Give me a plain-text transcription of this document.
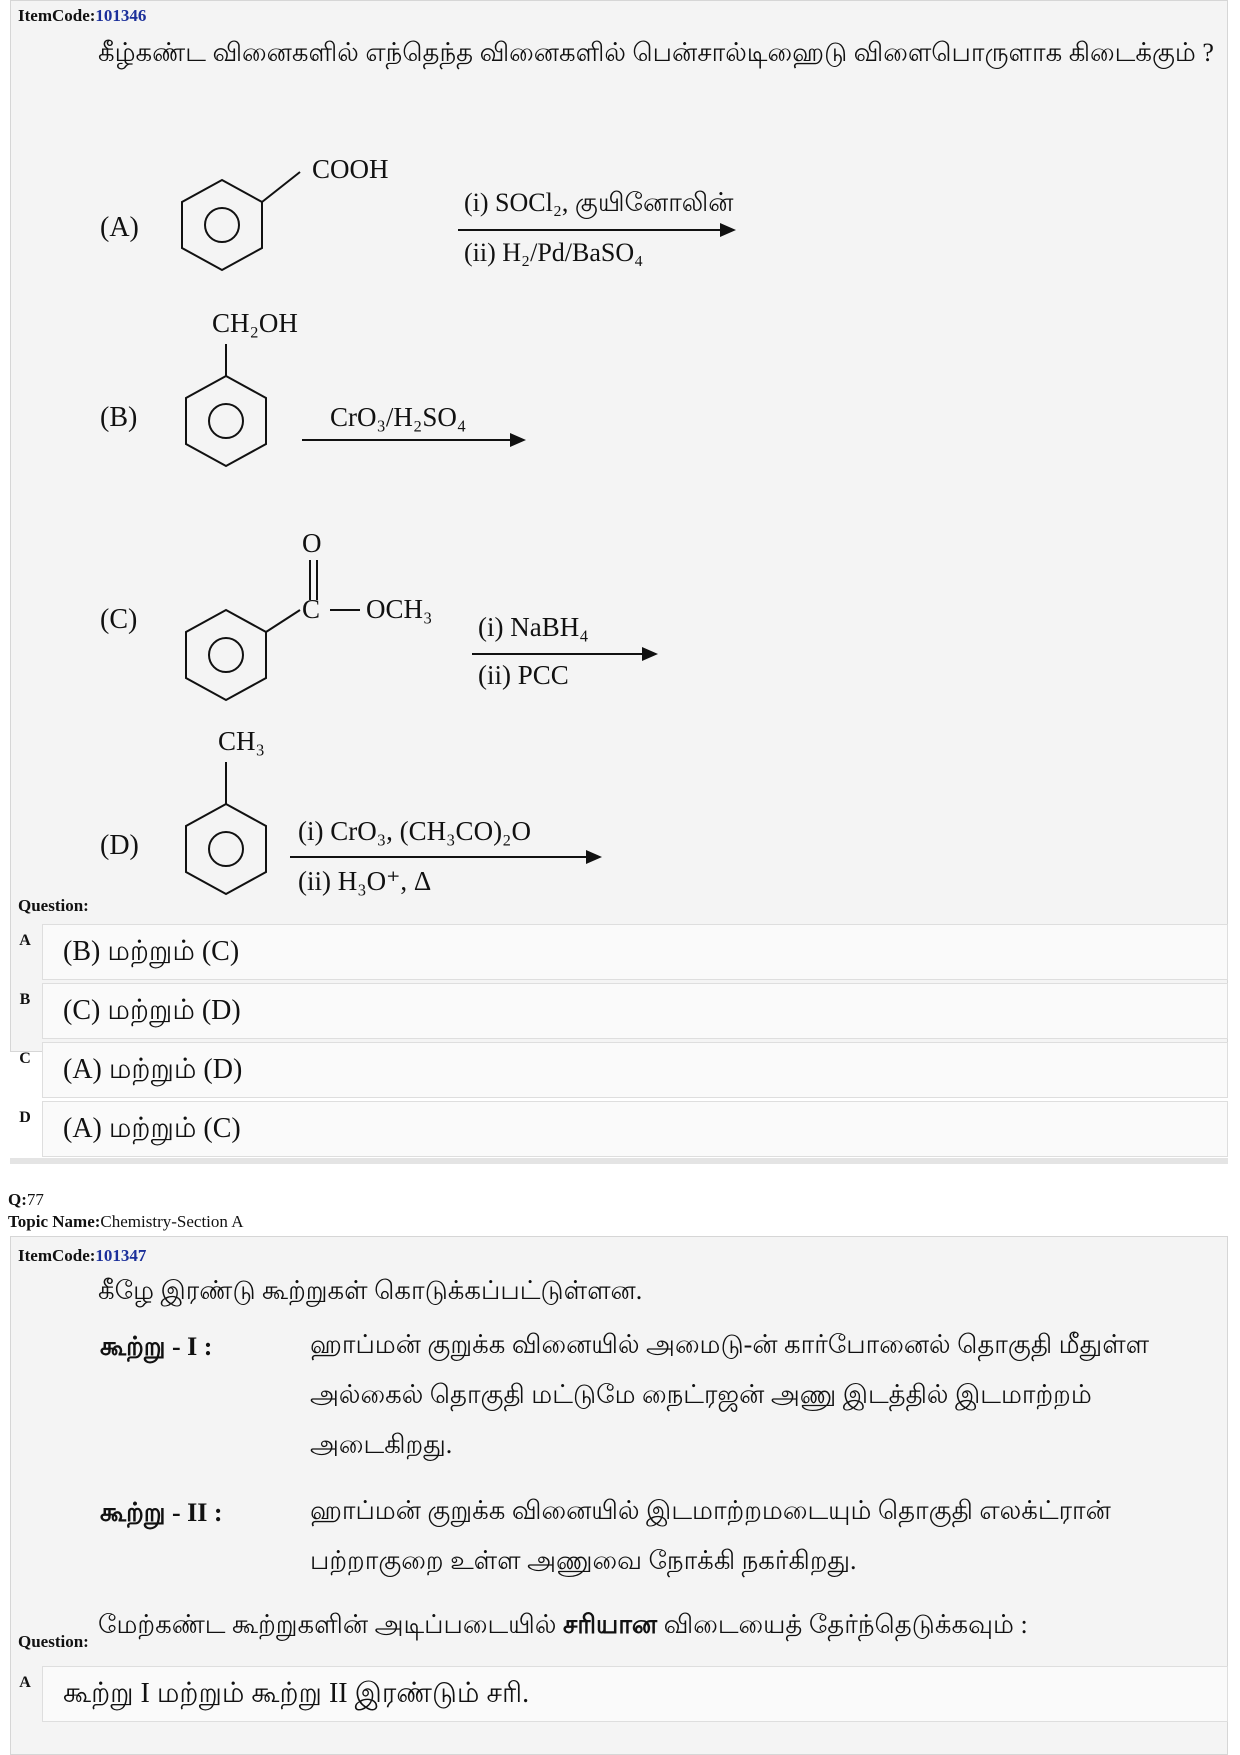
ItemCode:101346
கீழ்கண்ட வினைகளில் எந்தெந்த வினைகளில் பென்சால்டிஹைடு விளைபொருளாக கிடைக்கும் ?
(A)
COOH
(i) SOCl₂, குயினோலின்
(ii) H₂/Pd/BaSO₄
CH₂OH
(B)	CrO₃/H₂SO₄
O
C OCH₃
(C)	(i) NaBH₄
(ii) PCC
CH₃
(D)	(i) CrO₃, (CH₃CO)₂O
(ii) H₃O⁺, Δ
Question:
A	(B) மற்றும் (C)
B	(C) மற்றும் (D)
C	(A) மற்றும் (D)
D	(A) மற்றும் (C)
Q:77
Topic Name:Chemistry-Section A
ItemCode:101347
கீழே இரண்டு கூற்றுகள் கொடுக்கப்பட்டுள்ளன.
கூற்று - I :	ஹாப்மன் குறுக்க வினையில் அமைடு-ன் கார்போனைல் தொகுதி மீதுள்ள அல்கைல் தொகுதி மட்டுமே நைட்ரஜன் அணு இடத்தில் இடமாற்றம் அடைகிறது.
கூற்று - II :	ஹாப்மன் குறுக்க வினையில் இடமாற்றமடையும் தொகுதி எலக்ட்ரான் பற்றாகுறை உள்ள அணுவை நோக்கி நகர்கிறது.
மேற்கண்ட கூற்றுகளின் அடிப்படையில் சரியான விடையைத் தேர்ந்தெடுக்கவும் :
Question:
A	கூற்று I மற்றும் கூற்று II இரண்டும் சரி.
